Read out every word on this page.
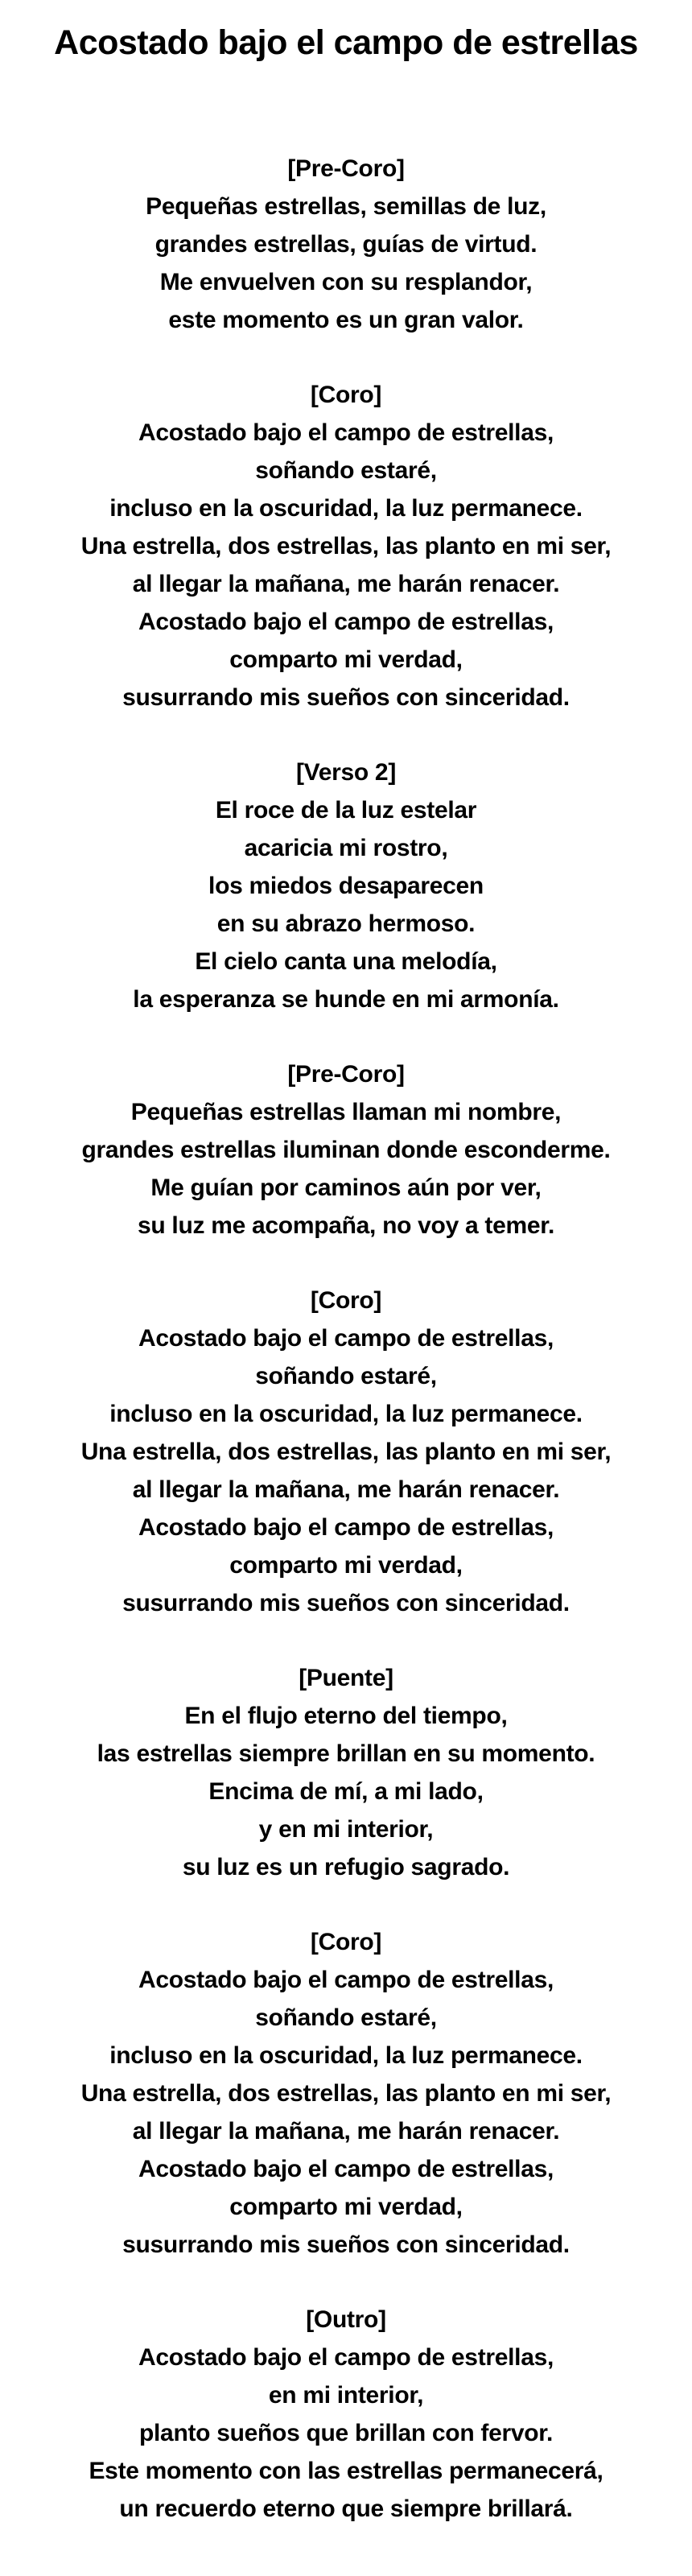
Acostado bajo el campo de estrellas
[Pre-Coro]
Pequeñas estrellas, semillas de luz,
grandes estrellas, guías de virtud.
Me envuelven con su resplandor,
este momento es un gran valor.
[Coro]
Acostado bajo el campo de estrellas,
soñando estaré,
incluso en la oscuridad, la luz permanece.
Una estrella, dos estrellas, las planto en mi ser,
al llegar la mañana, me harán renacer.
Acostado bajo el campo de estrellas,
comparto mi verdad,
susurrando mis sueños con sinceridad.
[Verso 2]
El roce de la luz estelar
acaricia mi rostro,
los miedos desaparecen
en su abrazo hermoso.
El cielo canta una melodía,
la esperanza se hunde en mi armonía.
[Pre-Coro]
Pequeñas estrellas llaman mi nombre,
grandes estrellas iluminan donde esconderme.
Me guían por caminos aún por ver,
su luz me acompaña, no voy a temer.
[Coro]
Acostado bajo el campo de estrellas,
soñando estaré,
incluso en la oscuridad, la luz permanece.
Una estrella, dos estrellas, las planto en mi ser,
al llegar la mañana, me harán renacer.
Acostado bajo el campo de estrellas,
comparto mi verdad,
susurrando mis sueños con sinceridad.
[Puente]
En el flujo eterno del tiempo,
las estrellas siempre brillan en su momento.
Encima de mí, a mi lado,
y en mi interior,
su luz es un refugio sagrado.
[Coro]
Acostado bajo el campo de estrellas,
soñando estaré,
incluso en la oscuridad, la luz permanece.
Una estrella, dos estrellas, las planto en mi ser,
al llegar la mañana, me harán renacer.
Acostado bajo el campo de estrellas,
comparto mi verdad,
susurrando mis sueños con sinceridad.
[Outro]
Acostado bajo el campo de estrellas,
en mi interior,
planto sueños que brillan con fervor.
Este momento con las estrellas permanecerá,
un recuerdo eterno que siempre brillará.
